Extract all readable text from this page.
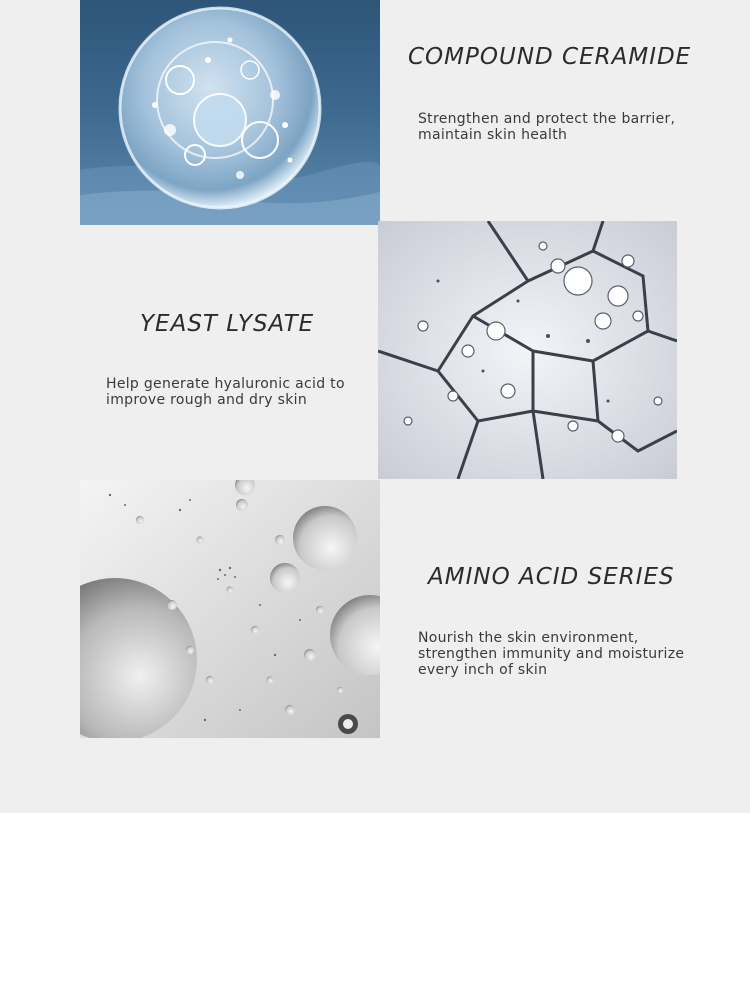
COMPOUND CERAMIDE

Strengthen and protect the barrier,
maintain skin health

YEAST LYSATE

Help generate hyaluronic acid to
improve rough and dry skin

AMINO ACID SERIES

Nourish the skin environment,
strengthen immunity and moisturize
every inch of skin
